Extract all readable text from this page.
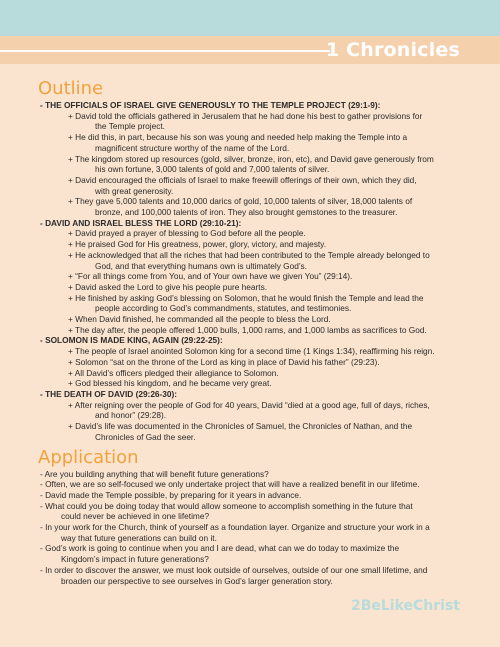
1 Chronicles
Outline
- THE OFFICIALS OF ISRAEL GIVE GENEROUSLY TO THE TEMPLE PROJECT (29:1-9):
+ David told the officials gathered in Jerusalem that he had done his best to gather provisions for
the Temple project.
+ He did this, in part, because his son was young and needed help making the Temple into a
magnificent structure worthy of the name of the Lord.
+ The kingdom stored up resources (gold, silver, bronze, iron, etc), and David gave generously from
his own fortune, 3,000 talents of gold and 7,000 talents of silver.
+ David encouraged the officials of Israel to make freewill offerings of their own, which they did,
with great generosity.
+ They gave 5,000 talents and 10,000 darics of gold, 10,000 talents of silver, 18,000 talents of
bronze, and 100,000 talents of iron. They also brought gemstones to the treasurer.
- DAVID AND ISRAEL BLESS THE LORD (29:10-21):
+ David prayed a prayer of blessing to God before all the people.
+ He praised God for His greatness, power, glory, victory, and majesty.
+ He acknowledged that all the riches that had been contributed to the Temple already belonged to
God, and that everything humans own is ultimately God’s.
+ “For all things come from You, and of Your own have we given You” (29:14).
+ David asked the Lord to give his people pure hearts.
+ He finished by asking God’s blessing on Solomon, that he would finish the Temple and lead the
people according to God’s commandments, statutes, and testimonies.
+ When David finished, he commanded all the people to bless the Lord.
+ The day after, the people offered 1,000 bulls, 1,000 rams, and 1,000 lambs as sacrifices to God.
- SOLOMON IS MADE KING, AGAIN (29:22-25):
+ The people of Israel anointed Solomon king for a second time (1 Kings 1:34), reaffirming his reign.
+ Solomon “sat on the throne of the Lord as king in place of David his father” (29:23).
+ All David’s officers pledged their allegiance to Solomon.
+ God blessed his kingdom, and he became very great.
- THE DEATH OF DAVID (29:26-30):
+ After reigning over the people of God for 40 years, David “died at a good age, full of days, riches,
and honor” (29:28).
+ David’s life was documented in the Chronicles of Samuel, the Chronicles of Nathan, and the
Chronicles of Gad the seer.
Application
- Are you building anything that will benefit future generations?
- Often, we are so self-focused we only undertake project that will have a realized benefit in our lifetime.
- David made the Temple possible, by preparing for it years in advance.
- What could you be doing today that would allow someone to accomplish something in the future that
could never be achieved in one lifetime?
- In your work for the Church, think of yourself as a foundation layer. Organize and structure your work in a
way that future generations can build on it.
- God’s work is going to continue when you and I are dead, what can we do today to maximize the
Kingdom’s impact in future generations?
- In order to discover the answer, we must look outside of ourselves, outside of our one small lifetime, and
broaden our perspective to see ourselves in God’s larger generation story.
2BeLikeChrist
